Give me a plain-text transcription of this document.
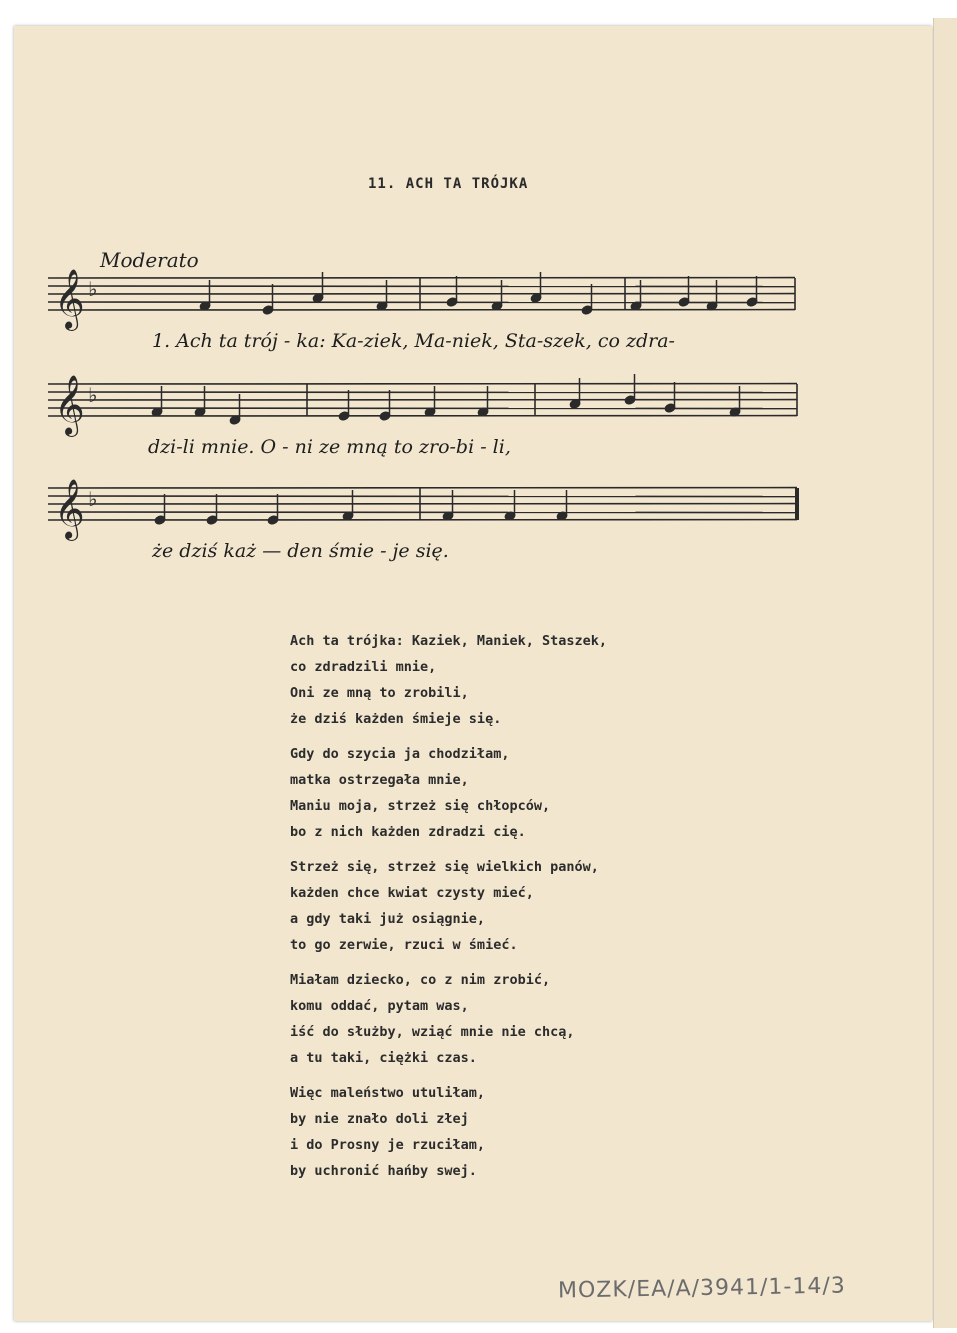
11. ACH TA TRÓJKA
Moderato
𝄞 ♭
𝄞 ♭
𝄞 ♭
1. Ach ta trój - ka: Ka-ziek, Ma-niek, Sta-szek, co zdra-
dzi-li mnie. O - ni ze mną to zro-bi - li,
że dziś każ — den śmie - je się.
Ach ta trójka: Kaziek, Maniek, Staszek,
co zdradzili mnie,
Oni ze mną to zrobili,
że dziś każden śmieje się.
Gdy do szycia ja chodziłam,
matka ostrzegała mnie,
Maniu moja, strzeż się chłopców,
bo z nich każden zdradzi cię.
Strzeż się, strzeż się wielkich panów,
każden chce kwiat czysty mieć,
a gdy taki już osiągnie,
to go zerwie, rzuci w śmieć.
Miałam dziecko, co z nim zrobić,
komu oddać, pytam was,
iść do służby, wziąć mnie nie chcą,
a tu taki, ciężki czas.
Więc maleństwo utuliłam,
by nie znało doli złej
i do Prosny je rzuciłam,
by uchronić hańby swej.
MOZK/EA/A/3941/1-14/3
